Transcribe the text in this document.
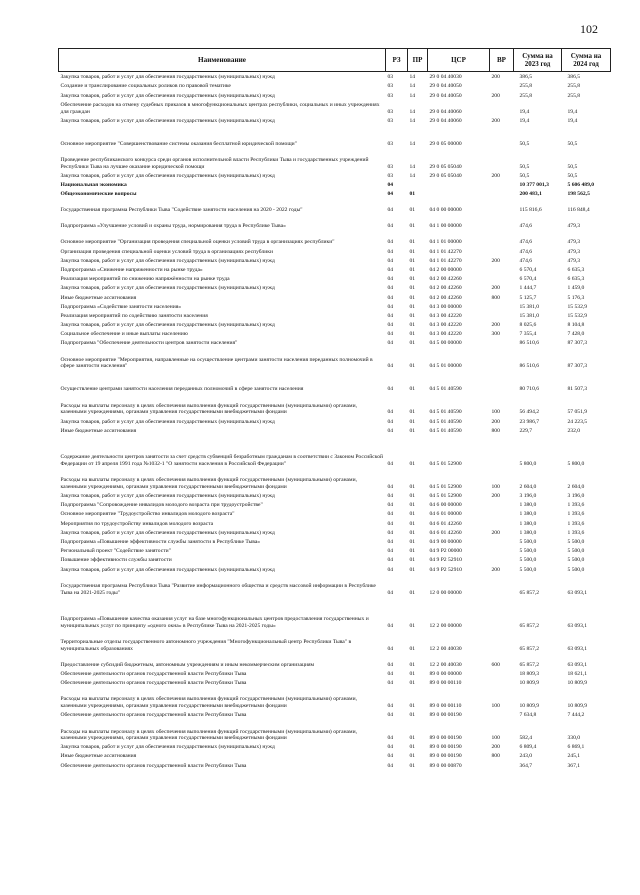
102
Наименование	РЗ	ПР	ЦСР	ВР	Сумма на 2023 год	Сумма на 2024 год
Закупка товаров, работ и услуг для обеспечения государственных (муниципальных) нужд	03	14	29 0 04 40030	200	386,5	386,5
Создание и транслирование социальных роликов по правовой тематике	03	14	29 0 04 40050		255,8	255,8
Закупка товаров, работ и услуг для обеспечения государственных (муниципальных) нужд	03	14	29 0 04 40050	200	255,8	255,8
Обеспечение расходов на отмену судебных приказов в многофункциональных центрах республики, социальных и иных учреждениях для граждан	03	14	29 0 04 40060		19,4	19,4
Закупка товаров, работ и услуг для обеспечения государственных (муниципальных) нужд	03	14	29 0 04 40060	200	19,4	19,4
Основное мероприятие "Совершенствование системы оказания бесплатной юридической помощи"	03	14	29 0 05 00000		50,5	50,5
Проведение республиканского конкурса среди органов исполнительной власти Республики Тыва и государственных учреждений Республики Тыва на лучшее оказание юридической помощи	03	14	29 0 05 05040		50,5	50,5
Закупка товаров, работ и услуг для обеспечения государственных (муниципальных) нужд	03	14	29 0 05 05040	200	50,5	50,5
Национальная экономика	04				10 377 001,3	5 606 489,0
Общеэкономические вопросы	04	01			200 483,1	198 562,5
Государственная программа Республики Тыва "Содействие занятости населения на 2020 - 2022 годы"	04	01	04 0 00 00000		115 816,6	116 848,4
Подпрограмма «Улучшение условий и охраны труда, нормирования труда в Республике Тыва»	04	01	04 1 00 00000		474,6	479,3
Основное мероприятие "Организация проведения специальной оценки условий труда в организациях республики"	04	01	04 1 01 00000		474,6	479,3
Организация проведения специальной оценки условий труда в организациях республики	04	01	04 1 01 42270		474,6	479,3
Закупка товаров, работ и услуг для обеспечения государственных (муниципальных) нужд	04	01	04 1 01 42270	200	474,6	479,3
Подпрограмма «Снижение напряженности на рынке труда»	04	01	04 2 00 00000		6 570,4	6 635,3
Реализация мероприятий по снижению напряжённости на рынке труда	04	01	04 2 00 42260		6 570,4	6 635,3
Закупка товаров, работ и услуг для обеспечения государственных (муниципальных) нужд	04	01	04 2 00 42260	200	1 444,7	1 459,0
Иные бюджетные ассигнования	04	01	04 2 00 42260	800	5 125,7	5 176,3
Подпрограмма «Содействие занятости населения»	04	01	04 3 00 00000		15 381,0	15 532,9
Реализация мероприятий по содействию занятости населения	04	01	04 3 00 42220		15 381,0	15 532,9
Закупка товаров, работ и услуг для обеспечения государственных (муниципальных) нужд	04	01	04 3 00 42220	200	8 025,6	8 104,8
Социальное обеспечение и иные выплаты населению	04	01	04 3 00 42220	300	7 355,4	7 428,0
Подпрограмма "Обеспечение деятельности центров занятости населения"	04	01	04 5 00 00000		86 510,6	87 307,3
Основное мероприятие "Мероприятия, направленные на осуществление центрами занятости населения переданных полномочий в сфере занятости населения"	04	01	04 5 01 00000		86 510,6	87 307,3
Осуществление центрами занятости населения переданных полномочий в сфере занятости населения	04	01	04 5 01 40590		80 710,6	81 507,3
Расходы на выплаты персоналу в целях обеспечения выполнения функций государственными (муниципальными) органами, казенными учреждениями, органами управления государственными внебюджетными фондами	04	01	04 5 01 40590	100	56 494,2	57 051,9
Закупка товаров, работ и услуг для обеспечения государственных (муниципальных) нужд	04	01	04 5 01 40590	200	23 986,7	24 223,5
Иные бюджетные ассигнования	04	01	04 5 01 40590	800	229,7	232,0
Содержание деятельности центров занятости за счет средств субвенций безработным гражданам в соответствии с Законом Российской Федерации от 19 апреля 1991 года №1032-1 "О занятости населения в Российской Федерации"	04	01	04 5 01 52900		5 800,0	5 800,0
Расходы на выплаты персоналу в целях обеспечения выполнения функций государственными (муниципальными) органами, казенными учреждениями, органами управления государственными внебюджетными фондами	04	01	04 5 01 52900	100	2 604,0	2 604,0
Закупка товаров, работ и услуг для обеспечения государственных (муниципальных) нужд	04	01	04 5 01 52900	200	3 196,0	3 196,0
Подпрограмма "Сопровождение инвалидов молодого возраста при трудоустройстве"	04	01	04 6 00 00000		1 380,0	1 393,6
Основное мероприятие "Трудоустройство инвалидов молодого возраста"	04	01	04 6 01 00000		1 380,0	1 393,6
Мероприятия по трудоустройству инвалидов молодого возраста	04	01	04 6 01 42260		1 380,0	1 393,6
Закупка товаров, работ и услуг для обеспечения государственных (муниципальных) нужд	04	01	04 6 01 42260	200	1 380,0	1 393,6
Подпрограмма «Повышение эффективности службы занятости в Республике Тыва»	04	01	04 9 00 00000		5 500,0	5 500,0
Региональный проект "Содействие занятости"	04	01	04 9 P2 00000		5 500,0	5 500,0
Повышение эффективности службы занятости	04	01	04 9 P2 52910		5 500,0	5 500,0
Закупка товаров, работ и услуг для обеспечения государственных (муниципальных) нужд	04	01	04 9 P2 52910	200	5 500,0	5 500,0
Государственная программа Республики Тыва "Развитие информационного общества и средств массовой информации в Республике Тыва на 2021-2025 годы"	04	01	12 0 00 00000		65 857,2	63 093,1
Подпрограмма «Повышение качества оказания услуг на базе многофункциональных центров предоставления государственных и муниципальных услуг по принципу «одного окна» в Республике Тыва на 2021-2025 годы»	04	01	12 2 00 00000		65 857,2	63 093,1
Территориальные отделы государственного автономного учреждения "Многофункциональный центр Республики Тыва" в муниципальных образованиях	04	01	12 2 00 40030		65 857,2	63 093,1
Предоставление субсидий бюджетным, автономным учреждениям и иным некоммерческим организациям	04	01	12 2 00 40030	600	65 857,2	63 093,1
Обеспечение деятельности органов государственной власти Республики Тыва	04	01	89 0 00 00000		18 809,3	18 621,1
Обеспечение деятельности органов государственной власти Республики Тыва	04	01	89 0 00 00110		10 809,9	10 809,9
Расходы на выплаты персоналу в целях обеспечения выполнения функций государственными (муниципальными) органами, казенными учреждениями, органами управления государственными внебюджетными фондами	04	01	89 0 00 00110	100	10 809,9	10 809,9
Обеспечение деятельности органов государственной власти Республики Тыва	04	01	89 0 00 00190		7 634,8	7 444,2
Расходы на выплаты персоналу в целях обеспечения выполнения функций государственными (муниципальными) органами, казенными учреждениями, органами управления государственными внебюджетными фондами	04	01	89 0 00 00190	100	582,4	330,0
Закупка товаров, работ и услуг для обеспечения государственных (муниципальных) нужд	04	01	89 0 00 00190	200	6 809,4	6 869,1
Иные бюджетные ассигнования	04	01	89 0 00 00190	800	243,0	245,1
Обеспечение деятельности органов государственной власти Республики Тыва	04	01	89 0 00 00870		364,7	367,1
